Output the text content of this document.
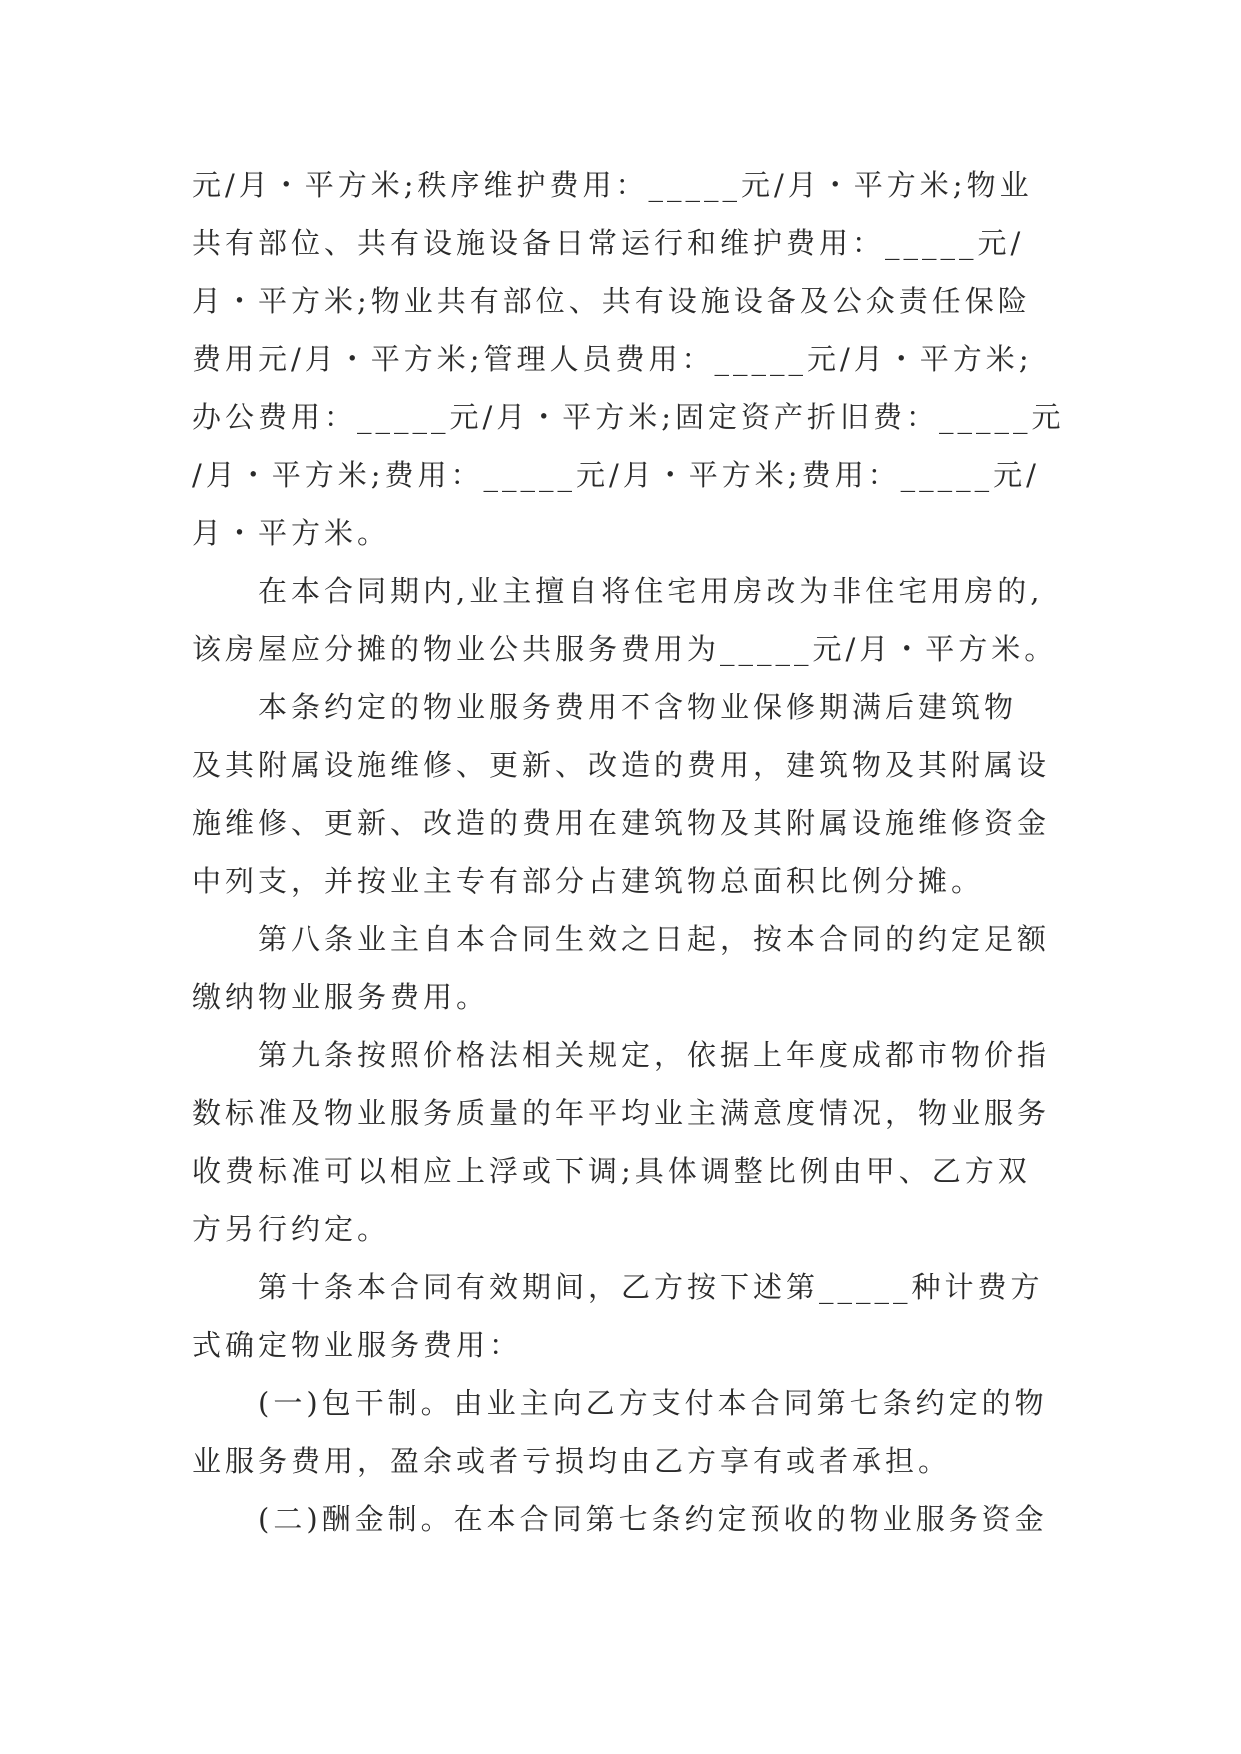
元/月・平方米;秩序维护费用：_____元/月・平方米;物业
共有部位、共有设施设备日常运行和维护费用：_____元/
月・平方米;物业共有部位、共有设施设备及公众责任保险
费用元/月・平方米;管理人员费用：_____元/月・平方米;
办公费用：_____元/月・平方米;固定资产折旧费：_____元
/月・平方米;费用：_____元/月・平方米;费用：_____元/
月・平方米。
在本合同期内,业主擅自将住宅用房改为非住宅用房的,
该房屋应分摊的物业公共服务费用为_____元/月・平方米。
本条约定的物业服务费用不含物业保修期满后建筑物
及其附属设施维修、更新、改造的费用，建筑物及其附属设
施维修、更新、改造的费用在建筑物及其附属设施维修资金
中列支，并按业主专有部分占建筑物总面积比例分摊。
第八条业主自本合同生效之日起，按本合同的约定足额
缴纳物业服务费用。
第九条按照价格法相关规定，依据上年度成都市物价指
数标准及物业服务质量的年平均业主满意度情况，物业服务
收费标准可以相应上浮或下调;具体调整比例由甲、乙方双
方另行约定。
第十条本合同有效期间，乙方按下述第_____种计费方
式确定物业服务费用：
(一)包干制。由业主向乙方支付本合同第七条约定的物
业服务费用，盈余或者亏损均由乙方享有或者承担。
(二)酬金制。在本合同第七条约定预收的物业服务资金
